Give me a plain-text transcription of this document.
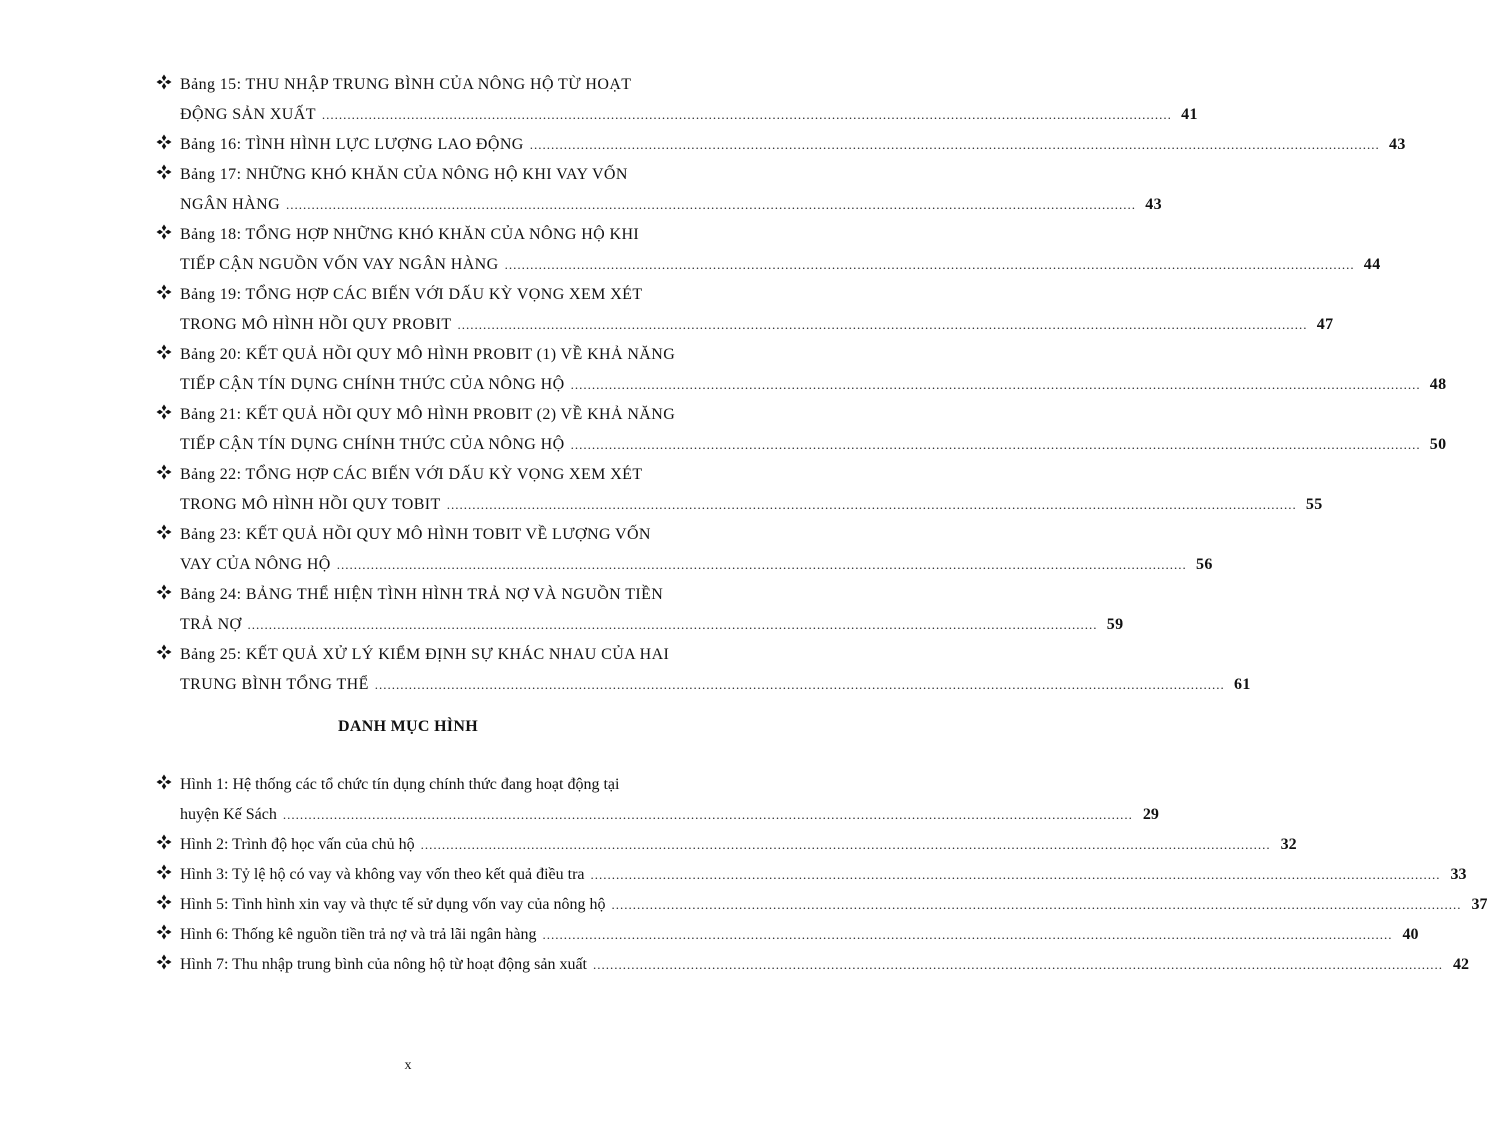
Bảng 15: THU NHẬP TRUNG BÌNH CỦA NÔNG HỘ TỪ HOẠT
ĐỘNG SẢN XUẤT ........................................................................................................................................................................................................ 41
Bảng 16: TÌNH HÌNH LỰC LƯỢNG LAO ĐỘNG ........................................................................................................................................................................................................ 43
Bảng 17: NHỮNG KHÓ KHĂN CỦA NÔNG HỘ KHI VAY VỐN
NGÂN HÀNG ........................................................................................................................................................................................................ 43
Bảng 18: TỔNG HỢP NHỮNG KHÓ KHĂN CỦA NÔNG HỘ KHI
TIẾP CẬN NGUỒN VỐN VAY NGÂN HÀNG ........................................................................................................................................................................................................ 44
Bảng 19: TỔNG HỢP CÁC BIẾN VỚI DẤU KỲ VỌNG XEM XÉT
TRONG MÔ HÌNH HỒI QUY PROBIT ........................................................................................................................................................................................................ 47
Bảng 20: KẾT QUẢ HỒI QUY MÔ HÌNH PROBIT (1) VỀ KHẢ NĂNG
TIẾP CẬN TÍN DỤNG CHÍNH THỨC CỦA NÔNG HỘ ........................................................................................................................................................................................................ 48
Bảng 21: KẾT QUẢ HỒI QUY MÔ HÌNH PROBIT (2) VỀ KHẢ NĂNG
TIẾP CẬN TÍN DỤNG CHÍNH THỨC CỦA NÔNG HỘ ........................................................................................................................................................................................................ 50
Bảng 22: TỔNG HỢP CÁC BIẾN VỚI DẤU KỲ VỌNG XEM XÉT
TRONG MÔ HÌNH HỒI QUY TOBIT ........................................................................................................................................................................................................ 55
Bảng 23: KẾT QUẢ HỒI QUY MÔ HÌNH TOBIT VỀ LƯỢNG VỐN
VAY CỦA NÔNG HỘ ........................................................................................................................................................................................................ 56
Bảng 24: BẢNG THỂ HIỆN TÌNH HÌNH TRẢ NỢ VÀ NGUỒN TIỀN
TRẢ NỢ ........................................................................................................................................................................................................ 59
Bảng 25: KẾT QUẢ XỬ LÝ KIỂM ĐỊNH SỰ KHÁC NHAU CỦA HAI
TRUNG BÌNH TỔNG THỂ ........................................................................................................................................................................................................ 61
DANH MỤC HÌNH
Hình 1: Hệ thống các tổ chức tín dụng chính thức đang hoạt động tại
huyện Kế Sách ........................................................................................................................................................................................................ 29
Hình 2: Trình độ học vấn của chủ hộ ........................................................................................................................................................................................................ 32
Hình 3: Tỷ lệ hộ có vay và không vay vốn theo kết quả điều tra ........................................................................................................................................................................................................ 33
Hình 5: Tình hình xin vay và thực tế sử dụng vốn vay của nông hộ ........................................................................................................................................................................................................ 37
Hình 6: Thống kê nguồn tiền trả nợ và trả lãi ngân hàng ........................................................................................................................................................................................................ 40
Hình 7: Thu nhập trung bình của nông hộ từ hoạt động sản xuất ........................................................................................................................................................................................................ 42
x
